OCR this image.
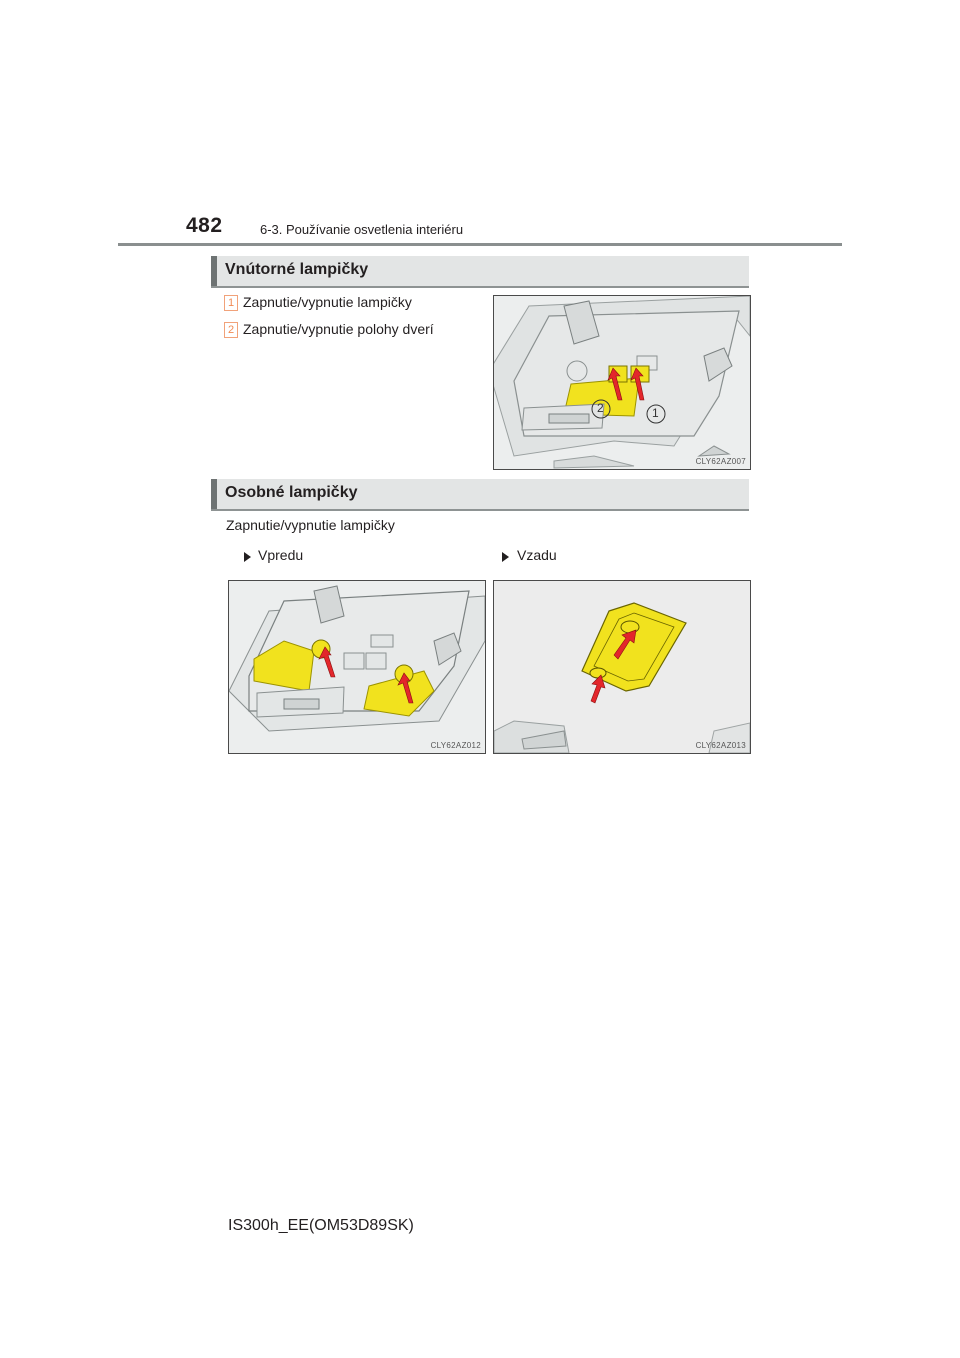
482	6-3. Používanie osvetlenia interiéru
Vnútorné lampičky
1 Zapnutie/vypnutie lampičky
2 Zapnutie/vypnutie polohy dverí
2	1
CLY62AZ007
Osobné lampičky
Zapnutie/vypnutie lampičky
Vpredu	Vzadu
CLY62AZ012	CLY62AZ013
IS300h_EE(OM53D89SK)
